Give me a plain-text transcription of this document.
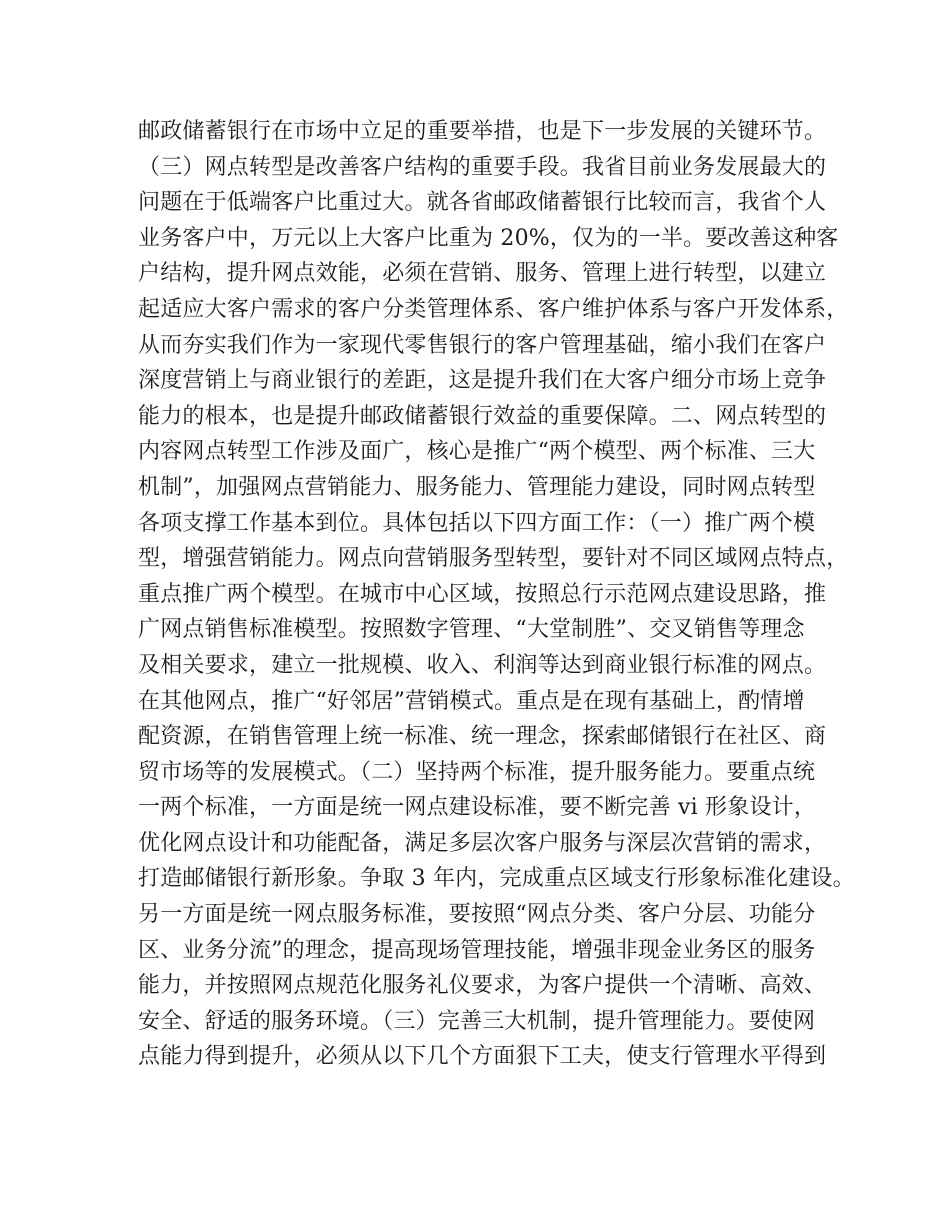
邮政储蓄银行在市场中立足的重要举措，也是下一步发展的关键环节。
（三）网点转型是改善客户结构的重要手段。我省目前业务发展最大的
问题在于低端客户比重过大。就各省邮政储蓄银行比较而言，我省个人
业务客户中，万元以上大客户比重为 20%，仅为的一半。要改善这种客
户结构，提升网点效能，必须在营销、服务、管理上进行转型，以建立
起适应大客户需求的客户分类管理体系、客户维护体系与客户开发体系，
从而夯实我们作为一家现代零售银行的客户管理基础，缩小我们在客户
深度营销上与商业银行的差距，这是提升我们在大客户细分市场上竞争
能力的根本，也是提升邮政储蓄银行效益的重要保障。二、网点转型的
内容网点转型工作涉及面广，核心是推广“两个模型、两个标准、三大
机制”，加强网点营销能力、服务能力、管理能力建设，同时网点转型
各项支撑工作基本到位。具体包括以下四方面工作：（一）推广两个模
型，增强营销能力。网点向营销服务型转型，要针对不同区域网点特点，
重点推广两个模型。在城市中心区域，按照总行示范网点建设思路，推
广网点销售标准模型。按照数字管理、“大堂制胜”、交叉销售等理念
及相关要求，建立一批规模、收入、利润等达到商业银行标准的网点。
在其他网点，推广“好邻居”营销模式。重点是在现有基础上，酌情增
配资源，在销售管理上统一标准、统一理念，探索邮储银行在社区、商
贸市场等的发展模式。（二）坚持两个标准，提升服务能力。要重点统
一两个标准，一方面是统一网点建设标准，要不断完善 vi 形象设计，
优化网点设计和功能配备，满足多层次客户服务与深层次营销的需求，
打造邮储银行新形象。争取 3 年内，完成重点区域支行形象标准化建设。
另一方面是统一网点服务标准，要按照“网点分类、客户分层、功能分
区、业务分流”的理念，提高现场管理技能，增强非现金业务区的服务
能力，并按照网点规范化服务礼仪要求，为客户提供一个清晰、高效、
安全、舒适的服务环境。（三）完善三大机制，提升管理能力。要使网
点能力得到提升，必须从以下几个方面狠下工夫，使支行管理水平得到
